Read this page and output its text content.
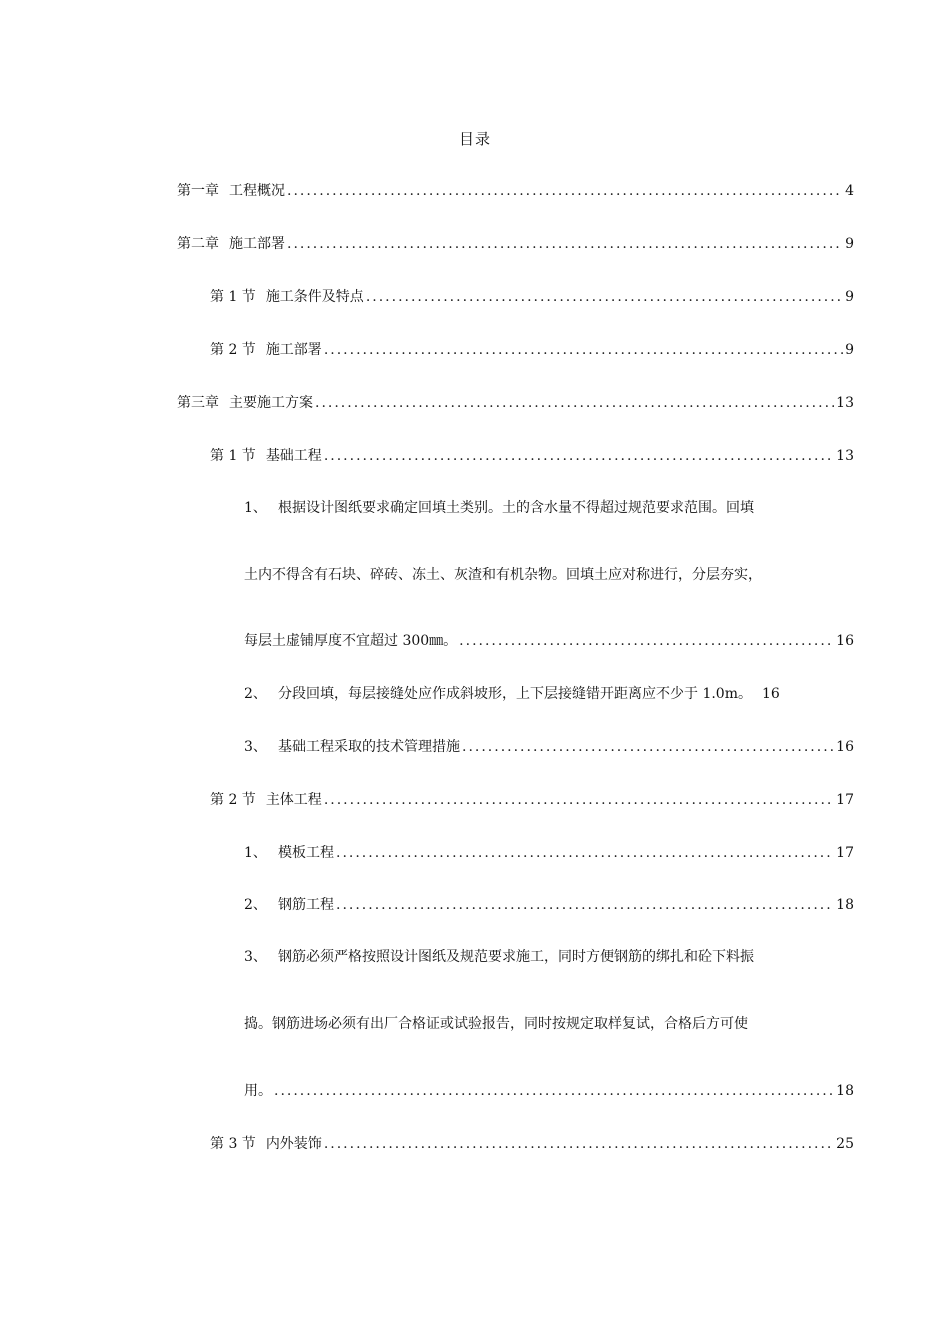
目录
第一章 工程概况 .....	4
第二章 施工部署 .....	9
第 1 节 施工条件及特点 .....	9
第 2 节 施工部署 .....	9
第三章 主要施工方案 .....	13
第 1 节 基础工程 .....	13
1、 根据设计图纸要求确定回填土类别。土的含水量不得超过规范要求范围。回填
土内不得含有石块、碎砖、冻土、灰渣和有机杂物。回填土应对称进行，分层夯实，
每层土虚铺厚度不宜超过 300㎜。 .....	16
2、 分段回填，每层接缝处应作成斜坡形，上下层接缝错开距离应不少于 1.0m。 16
3、 基础工程采取的技术管理措施 .....	16
第 2 节 主体工程 .....	17
1、 模板工程 .....	17
2、 钢筋工程 .....	18
3、 钢筋必须严格按照设计图纸及规范要求施工，同时方便钢筋的绑扎和砼下料振
捣。钢筋进场必须有出厂合格证或试验报告，同时按规定取样复试，合格后方可使
用。 .....	18
第 3 节 内外装饰 .....	25
